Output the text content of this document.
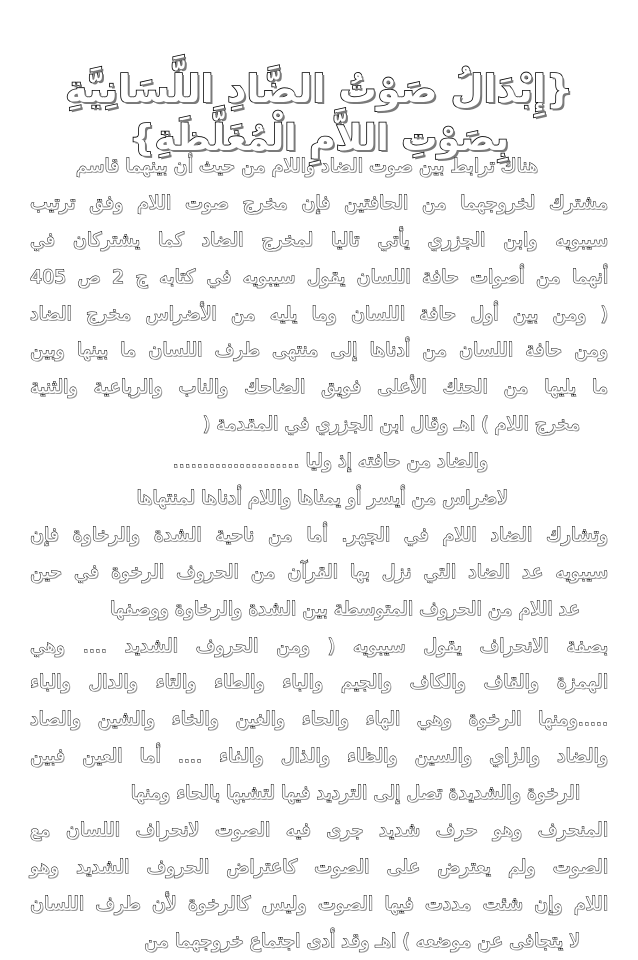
{إِبْدَالُ صَوْتُ الضَّادِ اللَّسَانِيَّةِ
بِصَوْتِ اللاَّمِ الْمُغَلَّظَةِ}
هناك ترابط بين صوت الضاد واللام من حيث أن بينهما قاسم
مشترك لخروجهما من الحافتين فإن مخرج صوت اللام وفق ترتيب
سيبويه وابن الجزري يأتي تاليا لمخرج الضاد كما يشتركان في
أنهما من أصوات حافة اللسان يقول سيبويه في كتابه ج 2 ص 405
( ومن بين أول حافة اللسان وما يليه من الأضراس مخرج الضاد
ومن حافة اللسان من أدناها إلى منتهى طرف اللسان ما بينها وبين
ما يليها من الحنك الأعلى فويق الضاحك والناب والرباعية والثنية
مخرج اللام ) اهـ وقال ابن الجزري في المقدمة (
والضاد من حافته إذ وليا .....................
لاضراس من أيسر أو يمناها واللام أدناها لمنتهاها
وتشارك الضاد اللام في الجهر. أما من ناحية الشدة والرخاوة فإن
سيبويه عد الضاد التي نزل بها القرآن من الحروف الرخوة في حين
عد اللام من الحروف المتوسطة بين الشدة والرخاوة ووصفها
بصفة الانحراف يقول سيبويه ( ومن الحروف الشديد .... وهي
الهمزة والقاف والكاف والجيم والباء والطاء والتاء والدال والباء
.....ومنها الرخوة وهي الهاء والحاء والغين والخاء والشين والصاد
والضاد والزاي والسين والظاء والذال والفاء .... أما العين فبين
الرخوة والشديدة تصل إلى الترديد فيها لتشبها بالحاء ومنها
المنحرف وهو حرف شديد جرى فيه الصوت لانحراف اللسان مع
الصوت ولم يعترض على الصوت كاعتراض الحروف الشديد وهو
اللام وإن شئت مددت فيها الصوت وليس كالرخوة لأن طرف اللسان
لا يتجافى عن موضعه ) اهـ وقد أدى اجتماع خروجهما من
